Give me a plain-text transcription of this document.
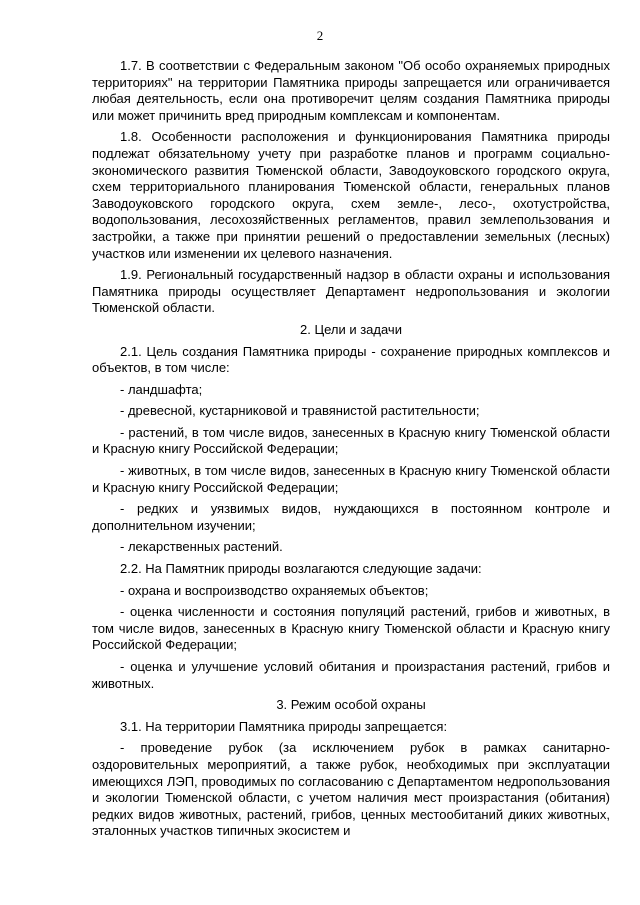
2

1.7. В соответствии с Федеральным законом "Об особо охраняемых природных территориях" на территории Памятника природы запрещается или ограничивается любая деятельность, если она противоречит целям создания Памятника природы или может причинить вред природным комплексам и компонентам.

1.8. Особенности расположения и функционирования Памятника природы подлежат обязательному учету при разработке планов и программ социально-экономического развития Тюменской области, Заводоуковского городского округа, схем территориального планирования Тюменской области, генеральных планов Заводоуковского городского округа, схем земле-, лесо-, охотустройства, водопользования, лесохозяйственных регламентов, правил землепользования и застройки, а также при принятии решений о предоставлении земельных (лесных) участков или изменении их целевого назначения.

1.9. Региональный государственный надзор в области охраны и использования Памятника природы осуществляет Департамент недропользования и экологии Тюменской области.

2. Цели и задачи

2.1. Цель создания Памятника природы - сохранение природных комплексов и объектов, в том числе:

- ландшафта;

- древесной, кустарниковой и травянистой растительности;

- растений, в том числе видов, занесенных в Красную книгу Тюменской области и Красную книгу Российской Федерации;

- животных, в том числе видов, занесенных в Красную книгу Тюменской области и Красную книгу Российской Федерации;

- редких и уязвимых видов, нуждающихся в постоянном контроле и дополнительном изучении;

- лекарственных растений.

2.2. На Памятник природы возлагаются следующие задачи:

- охрана и воспроизводство охраняемых объектов;

- оценка численности и состояния популяций растений, грибов и животных, в том числе видов, занесенных в Красную книгу Тюменской области и Красную книгу Российской Федерации;

- оценка и улучшение условий обитания и произрастания растений, грибов и животных.

3. Режим особой охраны

3.1. На территории Памятника природы запрещается:

- проведение рубок (за исключением рубок в рамках санитарно-оздоровительных мероприятий, а также рубок, необходимых при эксплуатации имеющихся ЛЭП, проводимых по согласованию с Департаментом недропользования и экологии Тюменской области, с учетом наличия мест произрастания (обитания) редких видов животных, растений, грибов, ценных местообитаний диких животных, эталонных участков типичных экосистем и
